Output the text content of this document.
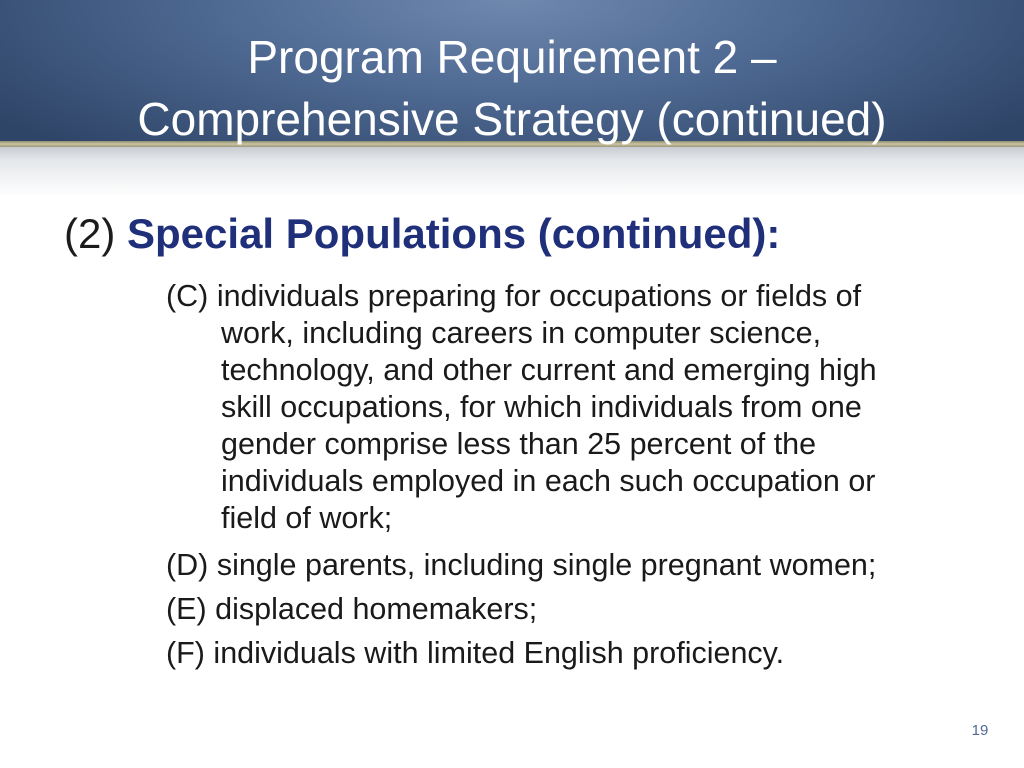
Program Requirement 2 –
Comprehensive Strategy (continued)
(2) Special Populations (continued):
(C) individuals preparing for occupations or fields of
work, including careers in computer science,
technology, and other current and emerging high
skill occupations, for which individuals from one
gender comprise less than 25 percent of the
individuals employed in each such occupation or
field of work;
(D) single parents, including single pregnant women;
(E) displaced homemakers;
(F) individuals with limited English proficiency.
19
